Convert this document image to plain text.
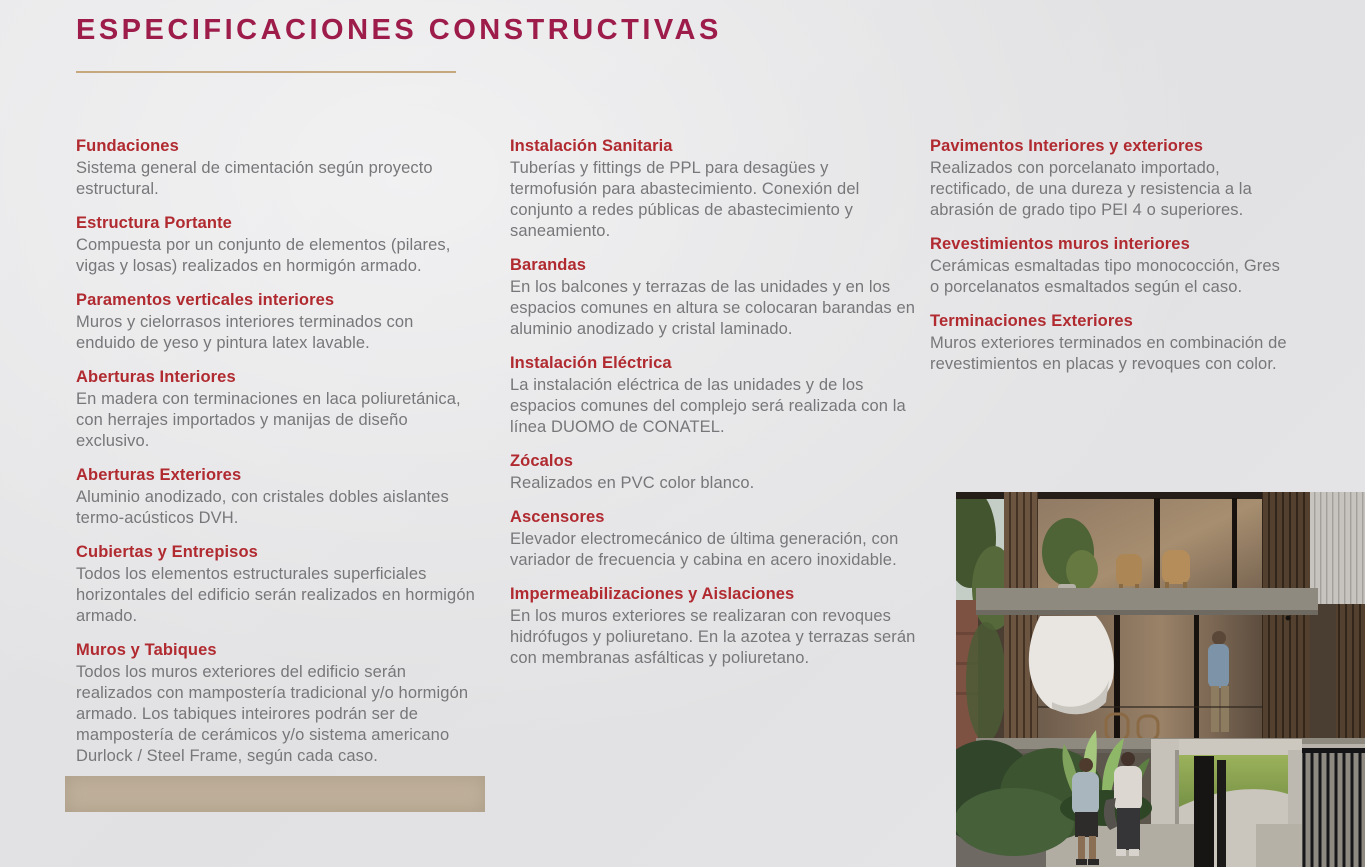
ESPECIFICACIONES CONSTRUCTIVAS
Fundaciones

Sistema general de cimentación según proyecto estructural.

Estructura Portante

Compuesta por un conjunto de elementos (pilares, vigas y losas) realizados en hormigón armado.

Paramentos verticales interiores

Muros y cielorrasos interiores terminados con enduido de yeso y pintura latex lavable.

Aberturas Interiores

En madera con terminaciones en laca poliuretánica, con herrajes importados y manijas de diseño exclusivo.

Aberturas Exteriores

Aluminio anodizado, con cristales dobles aislantes termo-acústicos DVH.

Cubiertas y Entrepisos

Todos los elementos estructurales superficiales horizontales del edificio serán realizados en hormigón armado.

Muros y Tabiques

Todos los muros exteriores del edificio serán realizados con mampostería tradicional y/o hormigón armado. Los tabiques inteirores podrán ser de mampostería de cerámicos y/o sistema americano Durlock / Steel Frame, según cada caso.

Instalación Sanitaria

Tuberías y fittings de PPL para desagües y termofusión para abastecimiento. Conexión del conjunto a redes públicas de abastecimiento y saneamiento.

Barandas

En los balcones y terrazas de las unidades y en los espacios comunes en altura se colocaran barandas en aluminio anodizado y cristal laminado.

Instalación Eléctrica

La instalación eléctrica de las unidades y de los espacios comunes del complejo será realizada con la línea DUOMO de CONATEL.

Zócalos

Realizados en PVC color blanco.

Ascensores

Elevador electromecánico de última generación, con variador de frecuencia y cabina en acero inoxidable.

Impermeabilizaciones y Aislaciones

En los muros exteriores se realizaran con revoques hidrófugos y poliuretano. En la azotea y terrazas serán con membranas asfálticas y poliuretano.

Pavimentos Interiores y exteriores

Realizados con porcelanato importado, rectificado, de una dureza y resistencia a la abrasión de grado tipo PEI 4 o superiores.

Revestimientos muros interiores

Cerámicas esmaltadas tipo monococción, Gres o porcelanatos esmaltados según el caso.

Terminaciones Exteriores

Muros exteriores terminados en combinación de revestimientos en placas y revoques con color.
